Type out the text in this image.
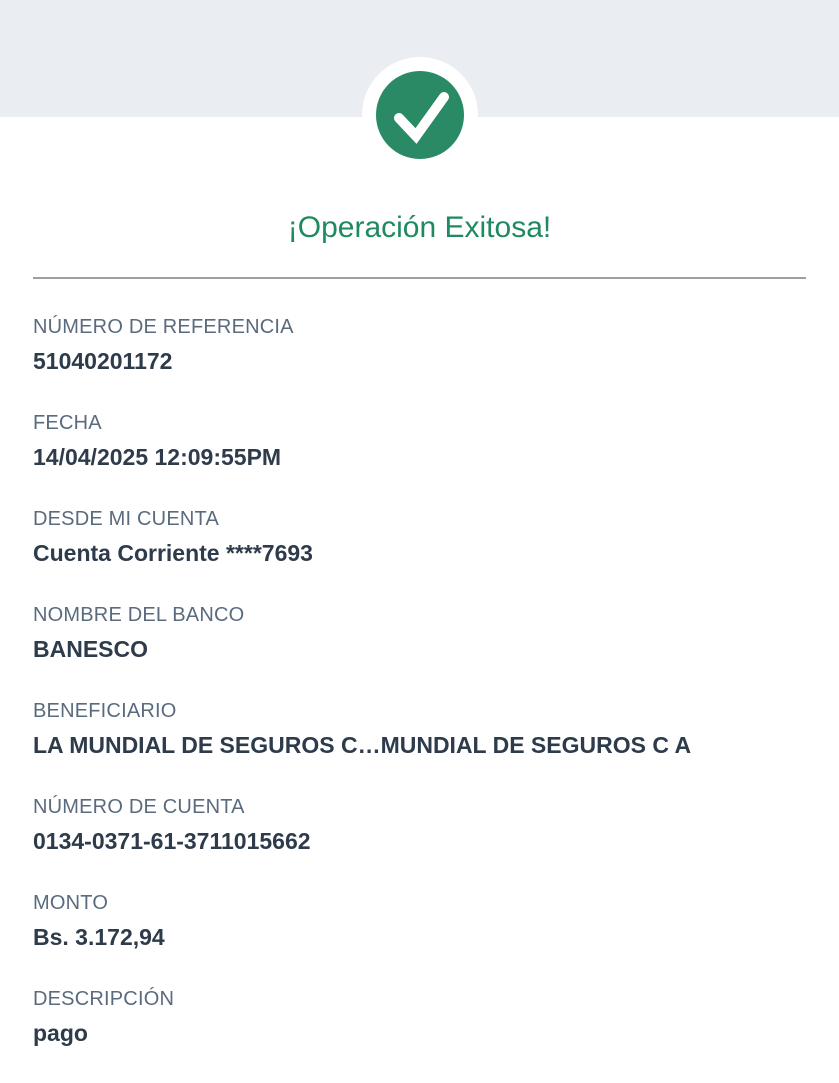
¡Operación Exitosa!
NÚMERO DE REFERENCIA
51040201172
FECHA
14/04/2025 12:09:55PM
DESDE MI CUENTA
Cuenta Corriente ****7693
NOMBRE DEL BANCO
BANESCO
BENEFICIARIO
LA MUNDIAL DE SEGUROS C…MUNDIAL DE SEGUROS C A
NÚMERO DE CUENTA
0134-0371-61-3711015662
MONTO
Bs. 3.172,94
DESCRIPCIÓN
pago
